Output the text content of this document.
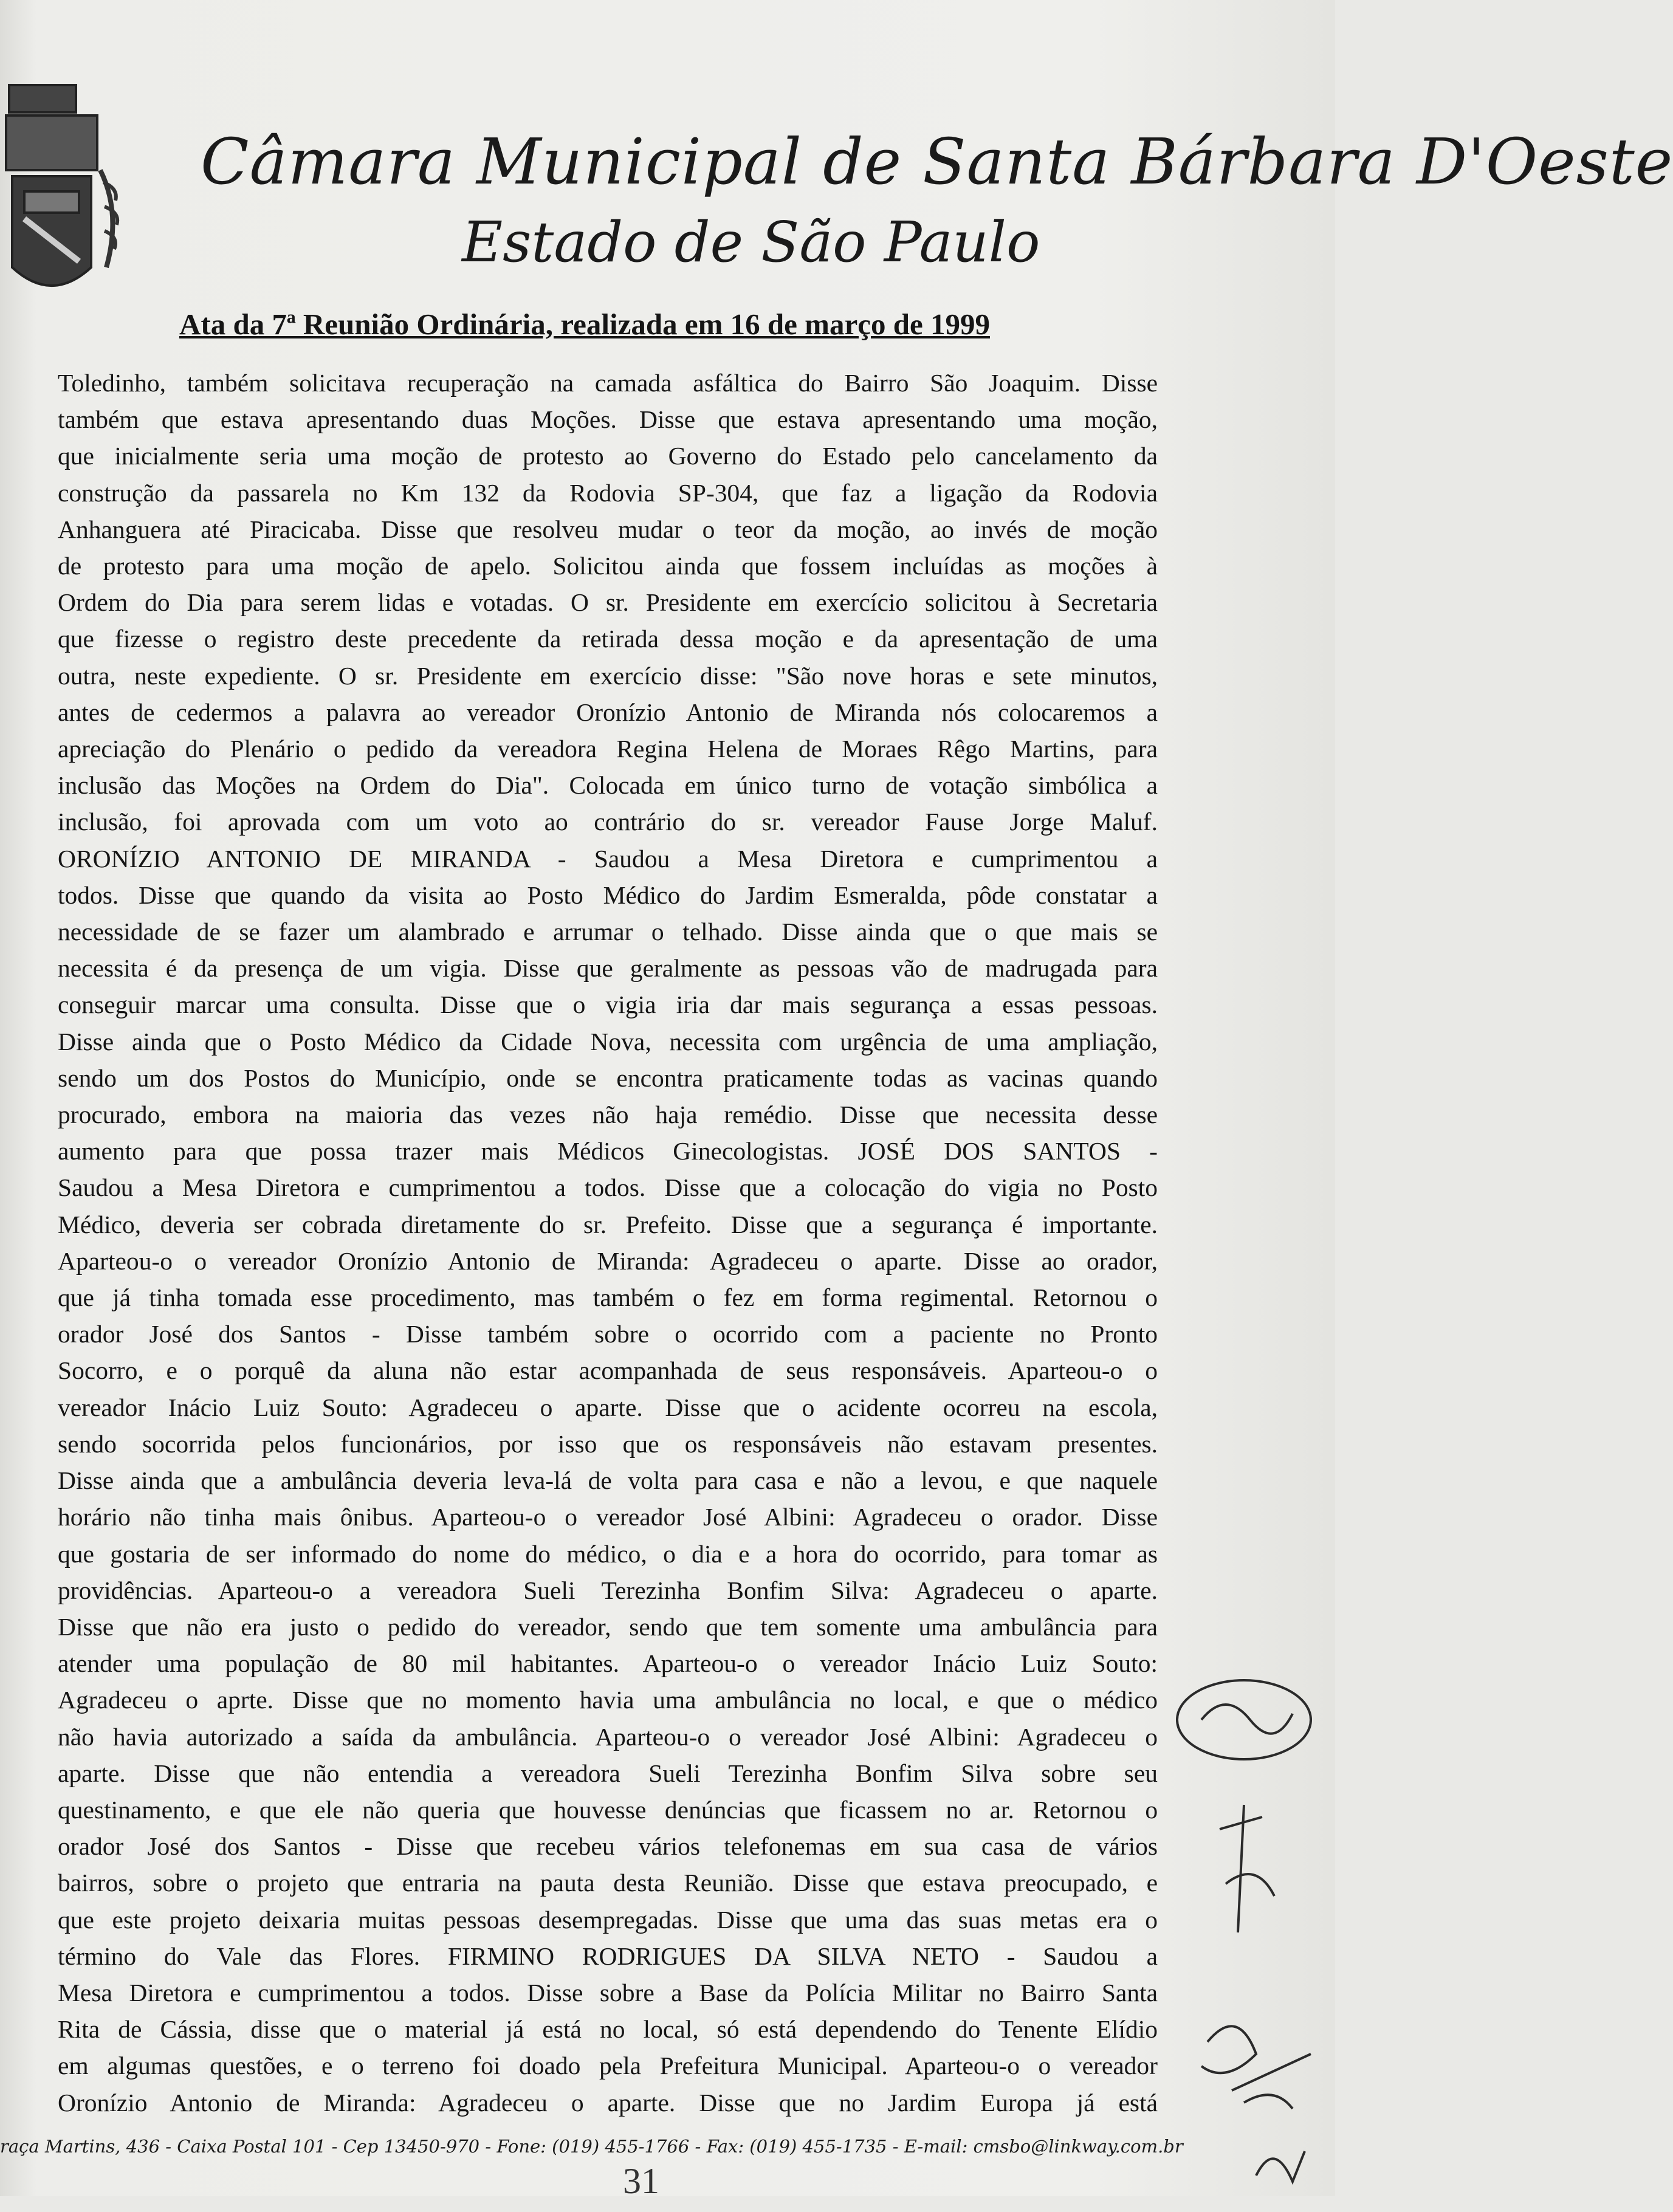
Câmara Municipal de Santa Bárbara D'Oeste
Estado de São Paulo
Ata da 7ª Reunião Ordinária, realizada em 16 de março de 1999
Toledinho, também solicitava recuperação na camada asfáltica do Bairro São Joaquim. Disse
também que estava apresentando duas Moções. Disse que estava apresentando uma moção,
que inicialmente seria uma moção de protesto ao Governo do Estado pelo cancelamento da
construção da passarela no Km 132 da Rodovia SP-304, que faz a ligação da Rodovia
Anhanguera até Piracicaba. Disse que resolveu mudar o teor da moção, ao invés de moção
de protesto para uma moção de apelo. Solicitou ainda que fossem incluídas as moções à
Ordem do Dia para serem lidas e votadas. O sr. Presidente em exercício solicitou à Secretaria
que fizesse o registro deste precedente da retirada dessa moção e da apresentação de uma
outra, neste expediente. O sr. Presidente em exercício disse: "São nove horas e sete minutos,
antes de cedermos a palavra ao vereador Oronízio Antonio de Miranda nós colocaremos a
apreciação do Plenário o pedido da vereadora Regina Helena de Moraes Rêgo Martins, para
inclusão das Moções na Ordem do Dia". Colocada em único turno de votação simbólica a
inclusão, foi aprovada com um voto ao contrário do sr. vereador Fause Jorge Maluf.
ORONÍZIO ANTONIO DE MIRANDA - Saudou a Mesa Diretora e cumprimentou a
todos. Disse que quando da visita ao Posto Médico do Jardim Esmeralda, pôde constatar a
necessidade de se fazer um alambrado e arrumar o telhado. Disse ainda que o que mais se
necessita é da presença de um vigia. Disse que geralmente as pessoas vão de madrugada para
conseguir marcar uma consulta. Disse que o vigia iria dar mais segurança a essas pessoas.
Disse ainda que o Posto Médico da Cidade Nova, necessita com urgência de uma ampliação,
sendo um dos Postos do Município, onde se encontra praticamente todas as vacinas quando
procurado, embora na maioria das vezes não haja remédio. Disse que necessita desse
aumento para que possa trazer mais Médicos Ginecologistas. JOSÉ DOS SANTOS -
Saudou a Mesa Diretora e cumprimentou a todos. Disse que a colocação do vigia no Posto
Médico, deveria ser cobrada diretamente do sr. Prefeito. Disse que a segurança é importante.
Aparteou-o o vereador Oronízio Antonio de Miranda: Agradeceu o aparte. Disse ao orador,
que já tinha tomada esse procedimento, mas também o fez em forma regimental. Retornou o
orador José dos Santos - Disse também sobre o ocorrido com a paciente no Pronto
Socorro, e o porquê da aluna não estar acompanhada de seus responsáveis. Aparteou-o o
vereador Inácio Luiz Souto: Agradeceu o aparte. Disse que o acidente ocorreu na escola,
sendo socorrida pelos funcionários, por isso que os responsáveis não estavam presentes.
Disse ainda que a ambulância deveria leva-lá de volta para casa e não a levou, e que naquele
horário não tinha mais ônibus. Aparteou-o o vereador José Albini: Agradeceu o orador. Disse
que gostaria de ser informado do nome do médico, o dia e a hora do ocorrido, para tomar as
providências. Aparteou-o a vereadora Sueli Terezinha Bonfim Silva: Agradeceu o aparte.
Disse que não era justo o pedido do vereador, sendo que tem somente uma ambulância para
atender uma população de 80 mil habitantes. Aparteou-o o vereador Inácio Luiz Souto:
Agradeceu o aprte. Disse que no momento havia uma ambulância no local, e que o médico
não havia autorizado a saída da ambulância. Aparteou-o o vereador José Albini: Agradeceu o
aparte. Disse que não entendia a vereadora Sueli Terezinha Bonfim Silva sobre seu
questinamento, e que ele não queria que houvesse denúncias que ficassem no ar. Retornou o
orador José dos Santos - Disse que recebeu vários telefonemas em sua casa de vários
bairros, sobre o projeto que entraria na pauta desta Reunião. Disse que estava preocupado, e
que este projeto deixaria muitas pessoas desempregadas. Disse que uma das suas metas era o
término do Vale das Flores. FIRMINO RODRIGUES DA SILVA NETO - Saudou a
Mesa Diretora e cumprimentou a todos. Disse sobre a Base da Polícia Militar no Bairro Santa
Rita de Cássia, disse que o material já está no local, só está dependendo do Tenente Elídio
em algumas questões, e o terreno foi doado pela Prefeitura Municipal. Aparteou-o o vereador
Oronízio Antonio de Miranda: Agradeceu o aparte. Disse que no Jardim Europa já está
raça Martins, 436 - Caixa Postal 101 - Cep 13450-970 - Fone: (019) 455-1766 - Fax: (019) 455-1735 - E-mail: cmsbo@linkway.com.br
31
